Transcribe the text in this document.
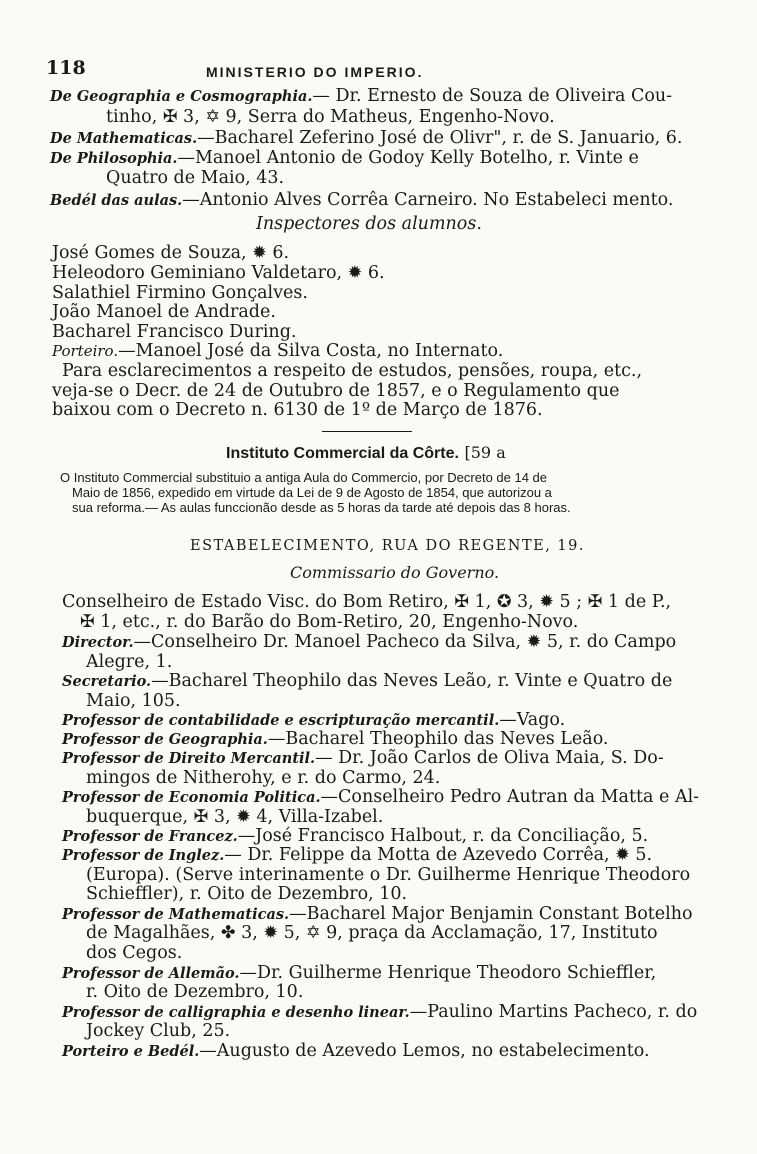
118	MINISTERIO DO IMPERIO.
De Geographia e Cosmographia.— Dr. Ernesto de Souza de Oliveira Cou-
tinho, ✠ 3, ✡ 9, Serra do Matheus, Engenho-Novo.
De Mathematicas.—Bacharel Zeferino José de Olivr", r. de S. Januario, 6.
De Philosophia.—Manoel Antonio de Godoy Kelly Botelho, r. Vinte e
Quatro de Maio, 43.
Bedél das aulas.—Antonio Alves Corrêa Carneiro. No Estabeleci mento.
Inspectores dos alumnos.
José Gomes de Souza, ✹ 6.
Heleodoro Geminiano Valdetaro, ✹ 6.
Salathiel Firmino Gonçalves.
João Manoel de Andrade.
Bacharel Francisco During.
Porteiro.—Manoel José da Silva Costa, no Internato.
Para esclarecimentos a respeito de estudos, pensões, roupa, etc.,
veja-se o Decr. de 24 de Outubro de 1857, e o Regulamento que
baixou com o Decreto n. 6130 de 1º de Março de 1876.
Instituto Commercial da Côrte. [59 a
O Instituto Commercial substituio a antiga Aula do Commercio, por Decreto de 14 de
Maio de 1856, expedido em virtude da Lei de 9 de Agosto de 1854, que autorizou a
sua reforma.— As aulas funccionão desde as 5 horas da tarde até depois das 8 horas.
ESTABELECIMENTO, RUA DO REGENTE, 19.
Commissario do Governo.
Conselheiro de Estado Visc. do Bom Retiro, ✠ 1, ✪ 3, ✹ 5 ; ✠ 1 de P.,
✠ 1, etc., r. do Barão do Bom-Retiro, 20, Engenho-Novo.
Director.—Conselheiro Dr. Manoel Pacheco da Silva, ✹ 5, r. do Campo
Alegre, 1.
Secretario.—Bacharel Theophilo das Neves Leão, r. Vinte e Quatro de
Maio, 105.
Professor de contabilidade e escripturação mercantil.—Vago.
Professor de Geographia.—Bacharel Theophilo das Neves Leão.
Professor de Direito Mercantil.— Dr. João Carlos de Oliva Maia, S. Do-
mingos de Nitherohy, e r. do Carmo, 24.
Professor de Economia Politica.—Conselheiro Pedro Autran da Matta e Al-
buquerque, ✠ 3, ✹ 4, Villa-Izabel.
Professor de Francez.—José Francisco Halbout, r. da Conciliação, 5.
Professor de Inglez.— Dr. Felippe da Motta de Azevedo Corrêa, ✹ 5.
(Europa). (Serve interinamente o Dr. Guilherme Henrique Theodoro
Schieffler), r. Oito de Dezembro, 10.
Professor de Mathematicas.—Bacharel Major Benjamin Constant Botelho
de Magalhães, ✤ 3, ✹ 5, ✡ 9, praça da Acclamação, 17, Instituto
dos Cegos.
Professor de Allemão.—Dr. Guilherme Henrique Theodoro Schieffler,
r. Oito de Dezembro, 10.
Professor de calligraphia e desenho linear.—Paulino Martins Pacheco, r. do
Jockey Club, 25.
Porteiro e Bedél.—Augusto de Azevedo Lemos, no estabelecimento.
